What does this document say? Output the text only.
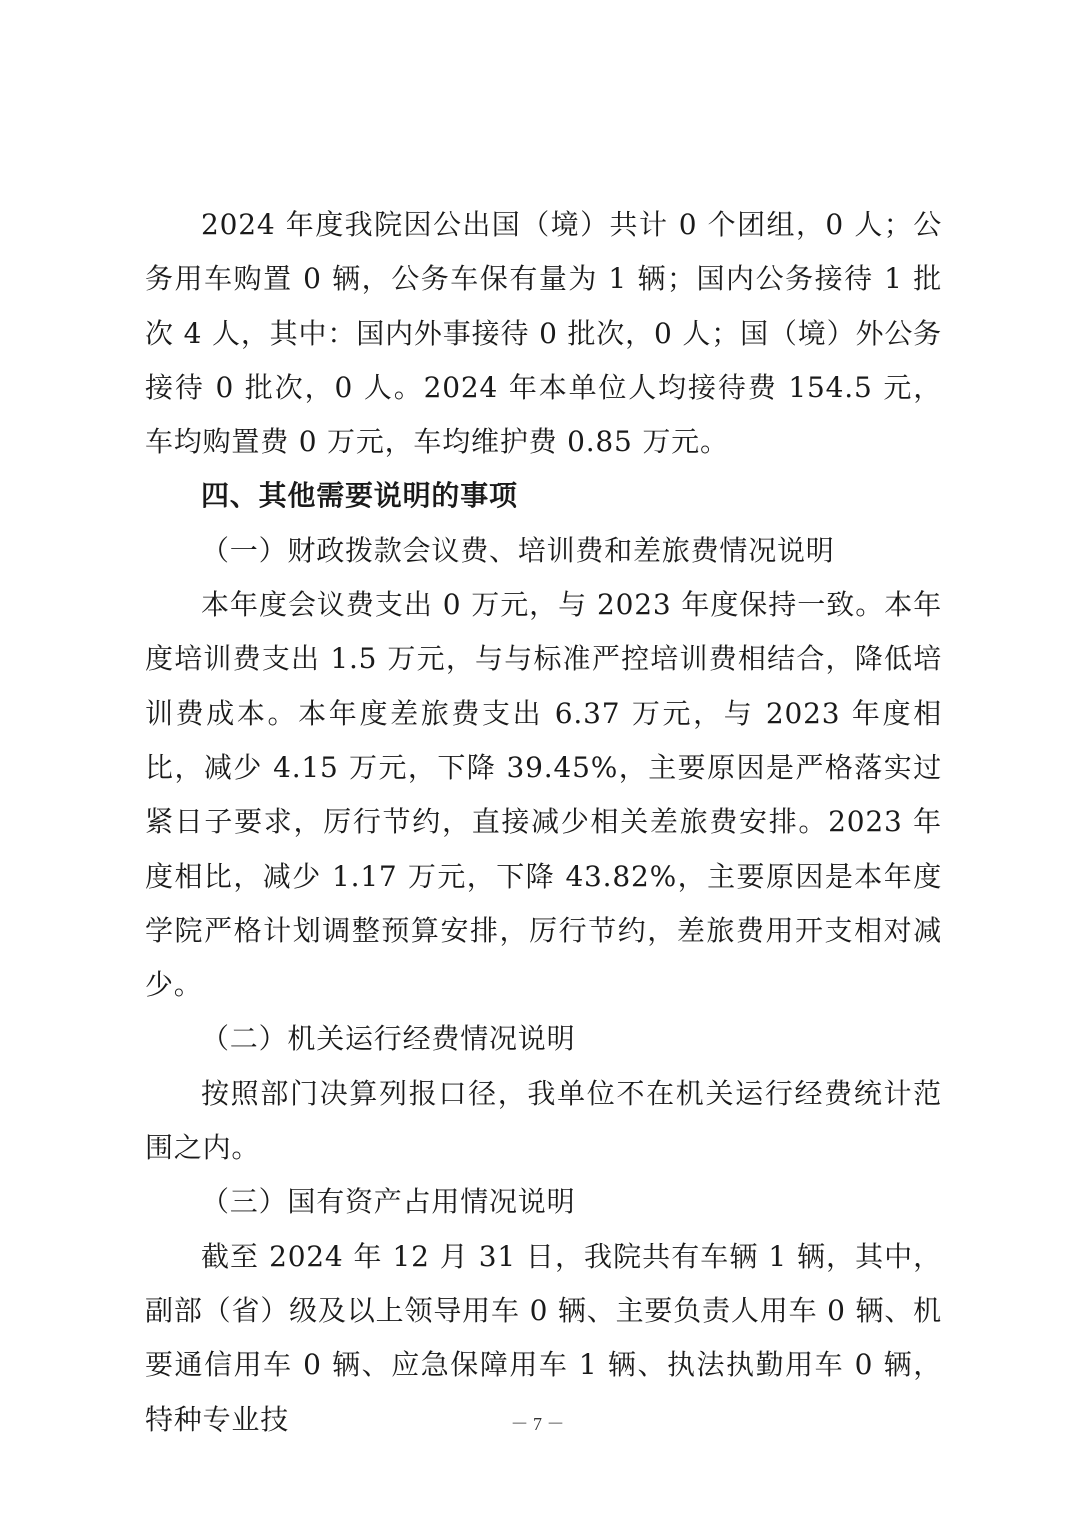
2024 年度我院因公出国（境）共计 0 个团组，0 人；公务用车购置 0 辆，公务车保有量为 1 辆；国内公务接待 1 批次 4 人，其中：国内外事接待 0 批次，0 人；国（境）外公务接待 0 批次，0 人。2024 年本单位人均接待费 154.5 元，车均购置费 0 万元，车均维护费 0.85 万元。

四、其他需要说明的事项

（一）财政拨款会议费、培训费和差旅费情况说明

本年度会议费支出 0 万元，与 2023 年度保持一致。本年度培训费支出 1.5 万元，与与标准严控培训费相结合，降低培训费成本。本年度差旅费支出 6.37 万元，与 2023 年度相比，减少 4.15 万元，下降 39.45%，主要原因是严格落实过紧日子要求，厉行节约，直接减少相关差旅费安排。2023 年度相比，减少 1.17 万元，下降 43.82%，主要原因是本年度学院严格计划调整预算安排，厉行节约，差旅费用开支相对减少。

（二）机关运行经费情况说明

按照部门决算列报口径，我单位不在机关运行经费统计范围之内。

（三）国有资产占用情况说明

截至 2024 年 12 月 31 日，我院共有车辆 1 辆，其中，副部（省）级及以上领导用车 0 辆、主要负责人用车 0 辆、机要通信用车 0 辆、应急保障用车 1 辆、执法执勤用车 0 辆，特种专业技	－ 7 －
